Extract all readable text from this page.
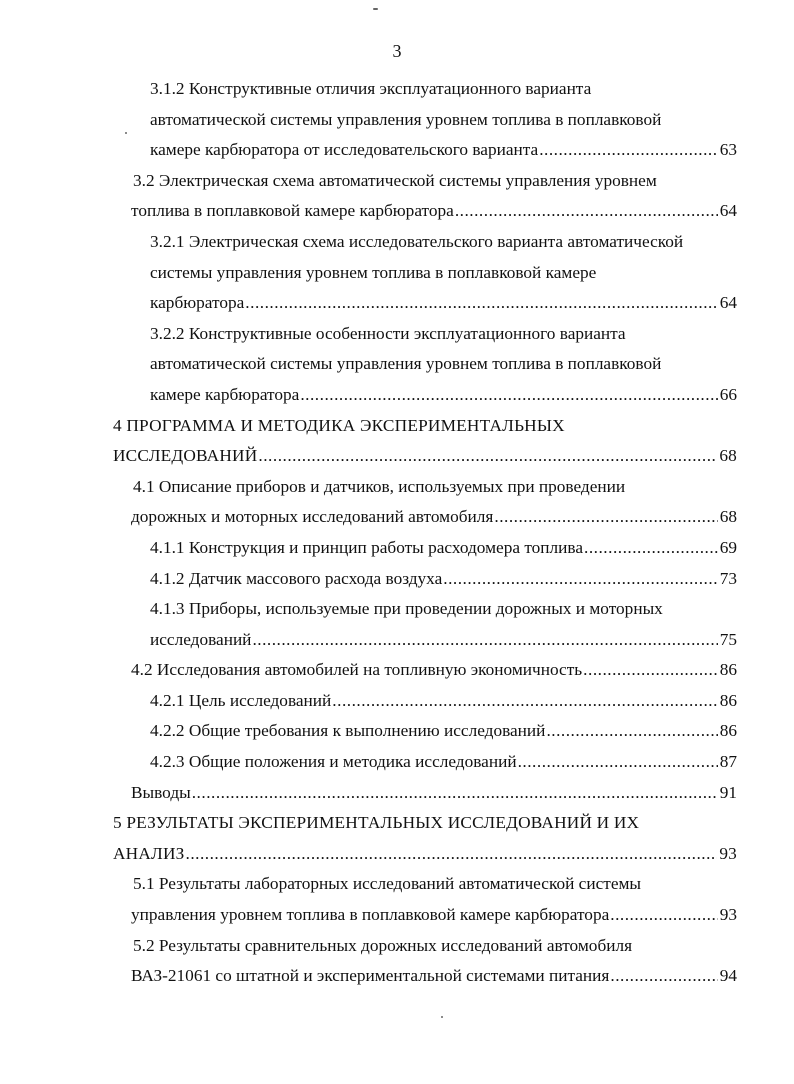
3
3.1.2 Конструктивные отличия эксплуатационного варианта
автоматической системы управления уровнем топлива в поплавковой
камере карбюратора от исследовательского варианта .....	63
3.2 Электрическая схема автоматической системы управления уровнем
топлива в поплавковой камере карбюратора .....	64
3.2.1 Электрическая схема исследовательского варианта автоматической
системы управления уровнем топлива в поплавковой камере
карбюратора .....	64
3.2.2 Конструктивные особенности эксплуатационного варианта
автоматической системы управления уровнем топлива в поплавковой
камере карбюратора .....	66
4 ПРОГРАММА И МЕТОДИКА ЭКСПЕРИМЕНТАЛЬНЫХ
ИССЛЕДОВАНИЙ .....	68
4.1 Описание приборов и датчиков, используемых при проведении
дорожных и моторных исследований автомобиля .....	68
4.1.1 Конструкция и принцип работы расходомера топлива .....	69
4.1.2 Датчик массового расхода воздуха .....	73
4.1.3 Приборы, используемые при проведении дорожных и моторных
исследований .....	75
4.2 Исследования автомобилей на топливную экономичность .....	86
4.2.1 Цель исследований .....	86
4.2.2 Общие требования к выполнению исследований .....	86
4.2.3 Общие положения и методика исследований .....	87
Выводы .....	91
5 РЕЗУЛЬТАТЫ ЭКСПЕРИМЕНТАЛЬНЫХ ИССЛЕДОВАНИЙ И ИХ
АНАЛИЗ .....	93
5.1 Результаты лабораторных исследований автоматической системы
управления уровнем топлива в поплавковой камере карбюратора .....	93
5.2 Результаты сравнительных дорожных исследований автомобиля
ВАЗ-21061 со штатной и экспериментальной системами питания .....	94
